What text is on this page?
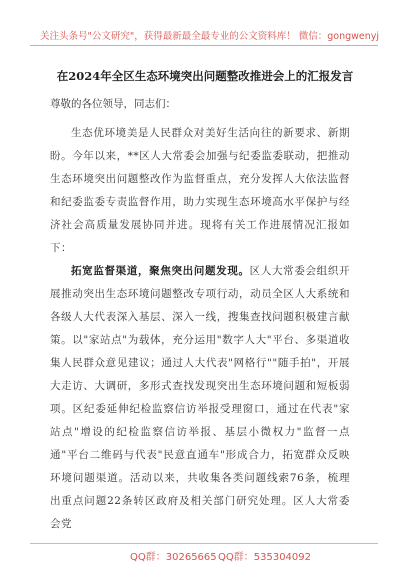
关注头条号"公文研究"，获得最新最全最专业的公文资料库！ 微信：gongwenyj
在2024年全区生态环境突出问题整改推进会上的汇报发言
尊敬的各位领导，同志们：

生态优环境美是人民群众对美好生活向往的新要求、新期盼。今年以来，**区人大常委会加强与纪委监委联动，把推动生态环境突出问题整改作为监督重点，充分发挥人大依法监督和纪委监委专责监督作用，助力实现生态环境高水平保护与经济社会高质量发展协同并进。现将有关工作进展情况汇报如下：

拓宽监督渠道，聚焦突出问题发现。区人大常委会组织开展推动突出生态环境问题整改专项行动，动员全区人大系统和各级人大代表深入基层、深入一线，搜集查找问题积极建言献策。以"家站点"为载体，充分运用"数字人大"平台、多渠道收集人民群众意见建议；通过人大代表"网格行""随手拍"，开展大走访、大调研，多形式查找发现突出生态环境问题和短板弱项。区纪委延伸纪检监察信访举报受理窗口，通过在代表"家站点"增设的纪检监察信访举报、基层小微权力"监督一点通"平台二维码与代表"民意直通车"形成合力，拓宽群众反映环境问题渠道。活动以来，共收集各类问题线索76条，梳理出重点问题22条转区政府及相关部门研究处理。区人大常委会党

QQ群：30265665 QQ群：535304092
